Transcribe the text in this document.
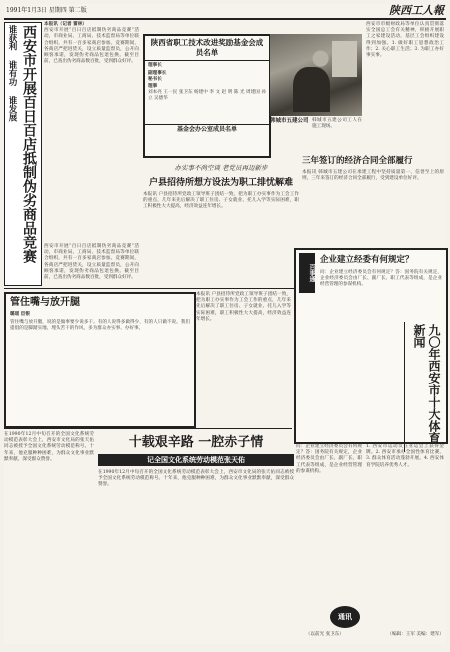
1991年1月3日 星期四 第二版	陕西工人報
谁获利 谁有功 谁发展 西安市开展百日百店抵制伪劣商品竞赛
本报讯（记者 雷林）
西安市开展“百日百店抵制伪劣商品竞赛”活动，市商业局、工商局、技术监督局等单位联合组织，共有一百多家商店参加。竞赛期间，各商店严把进货关，设立质量监督员，公开向顾客承诺，发现伪劣商品包退包换。截至目前，已查出伪劣商品数百批，受到群众好评。
陕西省职工技术改进奖励基金会成员名单
理事长
副理事长
秘书长
理事
刘本亮 王一民 张卫东 杨建中 李 文 赵 明 陈 光 周建国 孙 立 吴德华
基金会办公室成员名单
韩城市五建公司 韩城市五建公司工人在施工现场。
西安市市级财政局等单位认真贯彻落实全国总工会有关精神，积极开展职工之家建设活动，基层工会组织建设得到加强。1. 做好职工思想政治工作；2. 关心职工生活；3. 为职工办好事实事。
三年签订的经济合同全部履行
本报讯 韩城市五建公司在承建工程中坚持质量第一、信誉至上的原则，三年来签订的经济合同全部履行，受到建设单位好评。
办实事不尚空谈 老党员再迈新步
户县招待所想方设法为职工排忧解难
本报讯 户县招待所党政工领导班子团结一致，把为职工办实事作为工会工作的重点，几年来先后解决了职工住房、子女就业、托儿入学等实际困难，职工积极性大大提高，经济效益连年增长。
西安市开展“百日百店抵制伪劣商品竞赛”活动，市商业局、工商局、技术监督局等单位联合组织，共有一百多家商店参加。竞赛期间，各商店严把进货关，设立质量监督员，公开向顾客承诺，发现伪劣商品包退包换。截至目前，已查出伪劣商品数百批，受到群众好评。
管住嘴与放开腿
璐瑶 臣银
管住嘴与放开腿，说的是做事要少说多干。有的人说得多做得少，有的人只做不说。我们提倡的是脚踏实地、埋头苦干的作风，多为群众办实事、办好事。
本报讯 户县招待所党政工领导班子团结一致，把为职工办实事作为工会工作的重点，几年来先后解决了职工住房、子女就业、托儿入学等实际困难，职工积极性大大提高，经济效益连年增长。
百事通
企业建立经委有何规定？
问：企业建立经济委员会有何规定？答：国务院有关规定，企业经济委员会由厂长、副厂长、职工代表等组成，是企业经营管理的参谋机构。
九〇年西安市十大体育新闻
1. 西安市运动员在亚运会上获得金牌。2. 西安市承办全国性体育比赛。3. 群众体育活动蓬勃开展。4. 西安体育学院培养优秀人才。
在1990年12月中旬召开的全国文化系统劳动模范表彰大会上，西安市文化局的张天佑同志被授予全国文化系统劳动模范称号。十年来，他克服种种困难，为群众文化事业默默奉献，深受群众赞誉。
十载艰辛路 一腔赤子情
记全国文化系统劳动模范张天佑
在1990年12月中旬召开的全国文化系统劳动模范表彰大会上，西安市文化局的张天佑同志被授予全国文化系统劳动模范称号。十年来，他克服种种困难，为群众文化事业默默奉献，深受群众赞誉。
问：企业建立经济委员会有何规定？答：国务院有关规定，企业经济委员会由厂长、副厂长、职工代表等组成，是企业经营管理的参谋机构。
通讯
（以前光 张卫东）	（编辑：王军 美编：建军）
